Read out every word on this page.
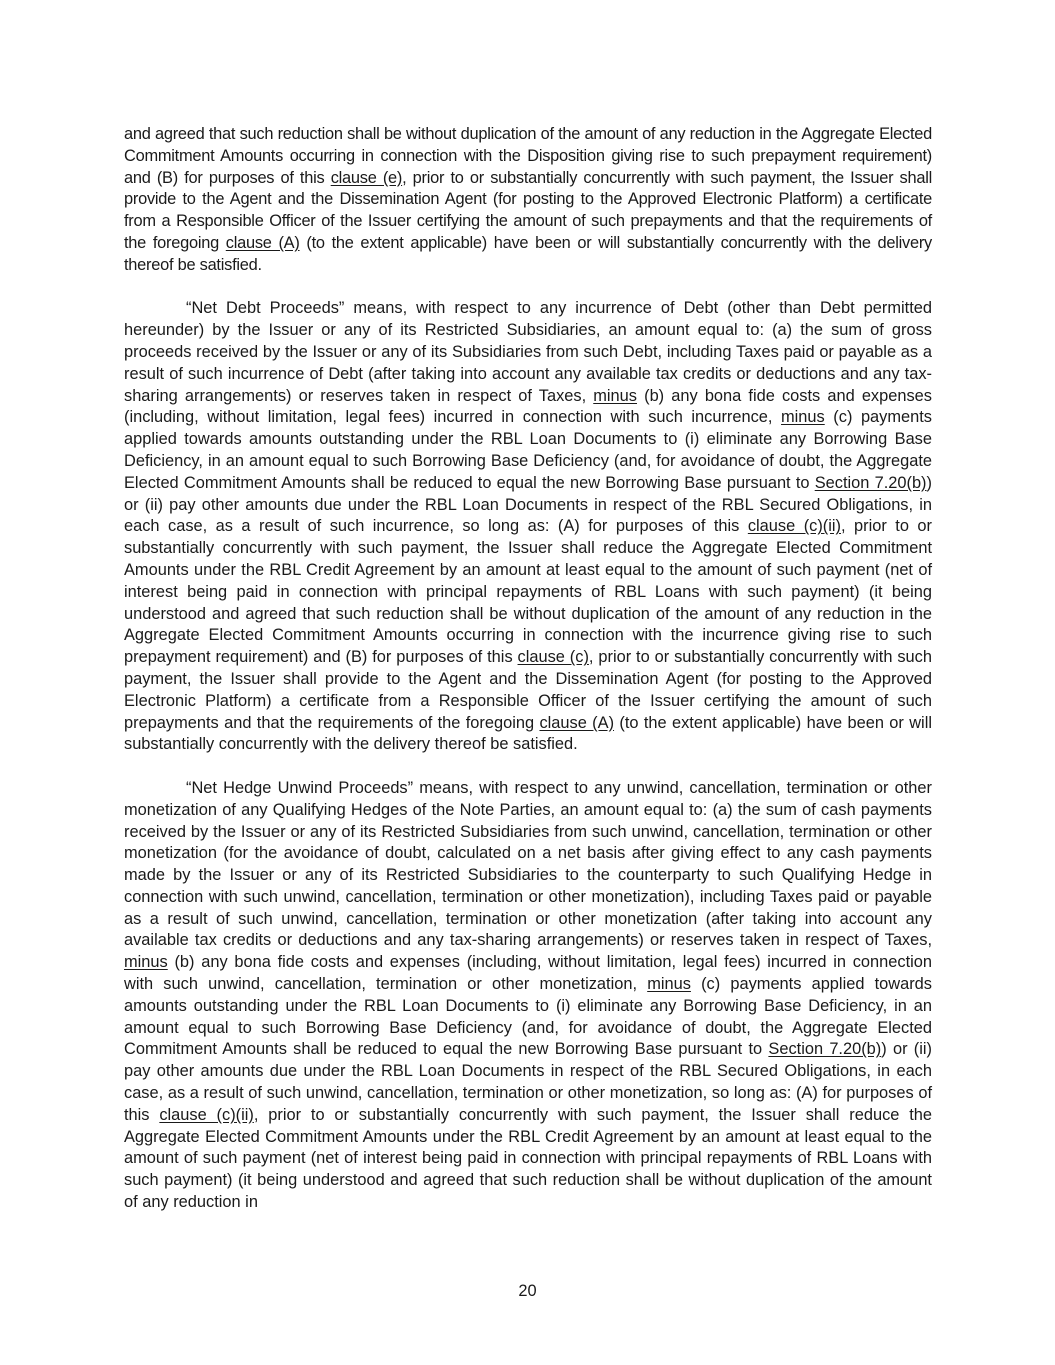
and agreed that such reduction shall be without duplication of the amount of any reduction in the Aggregate Elected Commitment Amounts occurring in connection with the Disposition giving rise to such prepayment requirement) and (B) for purposes of this clause (e), prior to or substantially concurrently with such payment, the Issuer shall provide to the Agent and the Dissemination Agent (for posting to the Approved Electronic Platform) a certificate from a Responsible Officer of the Issuer certifying the amount of such prepayments and that the requirements of the foregoing clause (A) (to the extent applicable) have been or will substantially concurrently with the delivery thereof be satisfied.

“Net Debt Proceeds” means, with respect to any incurrence of Debt (other than Debt permitted hereunder) by the Issuer or any of its Restricted Subsidiaries, an amount equal to: (a) the sum of gross proceeds received by the Issuer or any of its Subsidiaries from such Debt, including Taxes paid or payable as a result of such incurrence of Debt (after taking into account any available tax credits or deductions and any tax-sharing arrangements) or reserves taken in respect of Taxes, minus (b) any bona fide costs and expenses (including, without limitation, legal fees) incurred in connection with such incurrence, minus (c) payments applied towards amounts outstanding under the RBL Loan Documents to (i) eliminate any Borrowing Base Deficiency, in an amount equal to such Borrowing Base Deficiency (and, for avoidance of doubt, the Aggregate Elected Commitment Amounts shall be reduced to equal the new Borrowing Base pursuant to Section 7.20(b)) or (ii) pay other amounts due under the RBL Loan Documents in respect of the RBL Secured Obligations, in each case, as a result of such incurrence, so long as: (A) for purposes of this clause (c)(ii), prior to or substantially concurrently with such payment, the Issuer shall reduce the Aggregate Elected Commitment Amounts under the RBL Credit Agreement by an amount at least equal to the amount of such payment (net of interest being paid in connection with principal repayments of RBL Loans with such payment) (it being understood and agreed that such reduction shall be without duplication of the amount of any reduction in the Aggregate Elected Commitment Amounts occurring in connection with the incurrence giving rise to such prepayment requirement) and (B) for purposes of this clause (c), prior to or substantially concurrently with such payment, the Issuer shall provide to the Agent and the Dissemination Agent (for posting to the Approved Electronic Platform) a certificate from a Responsible Officer of the Issuer certifying the amount of such prepayments and that the requirements of the foregoing clause (A) (to the extent applicable) have been or will substantially concurrently with the delivery thereof be satisfied.

“Net Hedge Unwind Proceeds” means, with respect to any unwind, cancellation, termination or other monetization of any Qualifying Hedges of the Note Parties, an amount equal to: (a) the sum of cash payments received by the Issuer or any of its Restricted Subsidiaries from such unwind, cancellation, termination or other monetization (for the avoidance of doubt, calculated on a net basis after giving effect to any cash payments made by the Issuer or any of its Restricted Subsidiaries to the counterparty to such Qualifying Hedge in connection with such unwind, cancellation, termination or other monetization), including Taxes paid or payable as a result of such unwind, cancellation, termination or other monetization (after taking into account any available tax credits or deductions and any tax-sharing arrangements) or reserves taken in respect of Taxes, minus (b) any bona fide costs and expenses (including, without limitation, legal fees) incurred in connection with such unwind, cancellation, termination or other monetization, minus (c) payments applied towards amounts outstanding under the RBL Loan Documents to (i) eliminate any Borrowing Base Deficiency, in an amount equal to such Borrowing Base Deficiency (and, for avoidance of doubt, the Aggregate Elected Commitment Amounts shall be reduced to equal the new Borrowing Base pursuant to Section 7.20(b)) or (ii) pay other amounts due under the RBL Loan Documents in respect of the RBL Secured Obligations, in each case, as a result of such unwind, cancellation, termination or other monetization, so long as: (A) for purposes of this clause (c)(ii), prior to or substantially concurrently with such payment, the Issuer shall reduce the Aggregate Elected Commitment Amounts under the RBL Credit Agreement by an amount at least equal to the amount of such payment (net of interest being paid in connection with principal repayments of RBL Loans with such payment) (it being understood and agreed that such reduction shall be without duplication of the amount of any reduction in

20
